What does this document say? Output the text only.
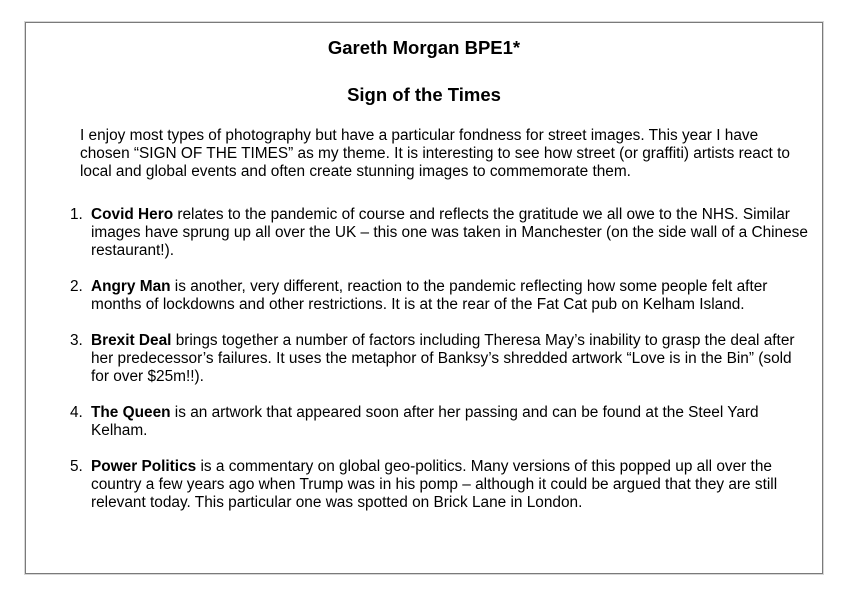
Gareth Morgan BPE1*
Sign of the Times

I enjoy most types of photography but have a particular fondness for street images. This year I have chosen “SIGN OF THE TIMES” as my theme. It is interesting to see how street (or graffiti) artists react to local and global events and often create stunning images to commemorate them.

1. Covid Hero relates to the pandemic of course and reflects the gratitude we all owe to the NHS. Similar images have sprung up all over the UK – this one was taken in Manchester (on the side wall of a Chinese restaurant!).
2. Angry Man is another, very different, reaction to the pandemic reflecting how some people felt after months of lockdowns and other restrictions. It is at the rear of the Fat Cat pub on Kelham Island.
3. Brexit Deal brings together a number of factors including Theresa May’s inability to grasp the deal after her predecessor’s failures. It uses the metaphor of Banksy’s shredded artwork “Love is in the Bin” (sold for over $25m!!).
4. The Queen is an artwork that appeared soon after her passing and can be found at the Steel Yard Kelham.
5. Power Politics is a commentary on global geo-politics. Many versions of this popped up all over the country a few years ago when Trump was in his pomp – although it could be argued that they are still relevant today. This particular one was spotted on Brick Lane in London.
